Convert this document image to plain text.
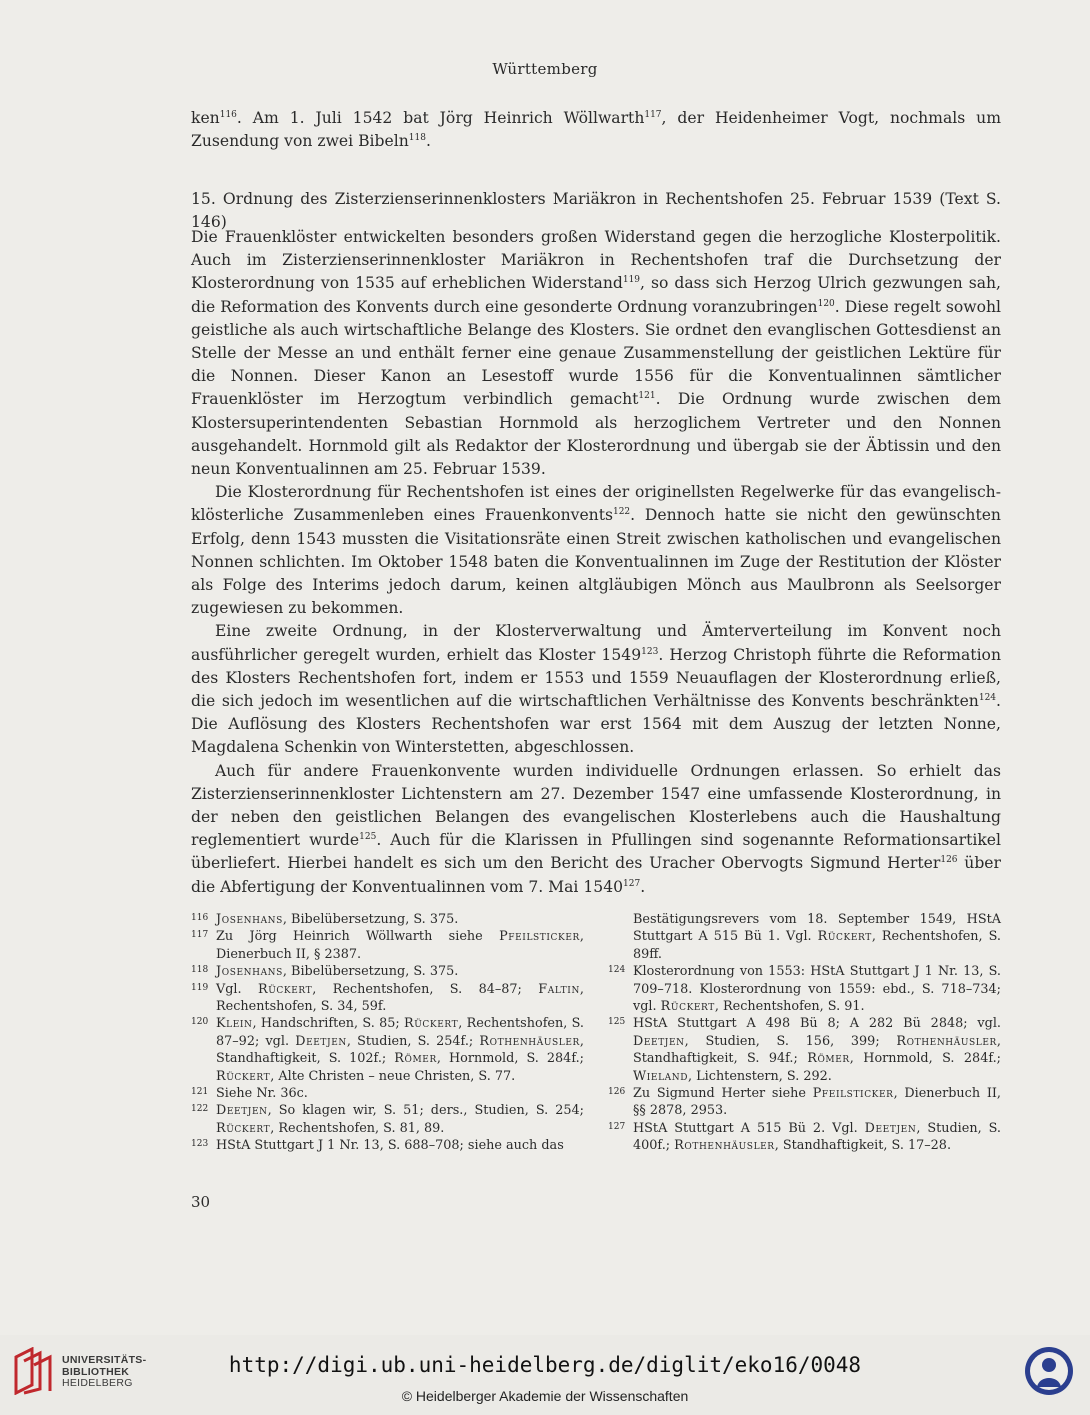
Württemberg

ken$^{116}$. Am 1. Juli 1542 bat Jörg Heinrich Wöllwarth$^{117}$, der Heidenheimer Vogt, nochmals um Zusendung von zwei Bibeln$^{118}$.

15. Ordnung des Zisterzienserinnenklosters Mariäkron in Rechentshofen 25. Februar 1539 (Text S. 146)

Die Frauenklöster entwickelten besonders großen Widerstand gegen die herzogliche Klosterpolitik. Auch im Zisterzienserinnenkloster Mariäkron in Rechentshofen traf die Durchsetzung der Klosterordnung von 1535 auf erheblichen Widerstand$^{119}$, so dass sich Herzog Ulrich gezwungen sah, die Reformation des Konvents durch eine gesonderte Ordnung voranzubringen$^{120}$. Diese regelt sowohl geistliche als auch wirtschaftliche Belange des Klosters. Sie ordnet den evanglischen Gottesdienst an Stelle der Messe an und enthält ferner eine genaue Zusammenstellung der geistlichen Lektüre für die Nonnen. Dieser Kanon an Lesestoff wurde 1556 für die Konventualinnen sämtlicher Frauenklöster im Herzogtum verbindlich gemacht$^{121}$. Die Ordnung wurde zwischen dem Klostersuperintendenten Sebastian Hornmold als herzoglichem Vertreter und den Nonnen ausgehandelt. Hornmold gilt als Redaktor der Klosterordnung und übergab sie der Äbtissin und den neun Konventualinnen am 25. Februar 1539.

Die Klosterordnung für Rechentshofen ist eines der originellsten Regelwerke für das evangelisch-klösterliche Zusammenleben eines Frauenkonvents$^{122}$. Dennoch hatte sie nicht den gewünschten Erfolg, denn 1543 mussten die Visitationsräte einen Streit zwischen katholischen und evangelischen Nonnen schlichten. Im Oktober 1548 baten die Konventualinnen im Zuge der Restitution der Klöster als Folge des Interims jedoch darum, keinen altgläubigen Mönch aus Maulbronn als Seelsorger zugewiesen zu bekommen.

Eine zweite Ordnung, in der Klosterverwaltung und Ämterverteilung im Konvent noch ausführlicher geregelt wurden, erhielt das Kloster 1549$^{123}$. Herzog Christoph führte die Reformation des Klosters Rechentshofen fort, indem er 1553 und 1559 Neuauflagen der Klosterordnung erließ, die sich jedoch im wesentlichen auf die wirtschaftlichen Verhältnisse des Konvents beschränkten$^{124}$. Die Auflösung des Klosters Rechentshofen war erst 1564 mit dem Auszug der letzten Nonne, Magdalena Schenkin von Winterstetten, abgeschlossen.

Auch für andere Frauenkonvente wurden individuelle Ordnungen erlassen. So erhielt das Zisterzienserinnenkloster Lichtenstern am 27. Dezember 1547 eine umfassende Klosterordnung, in der neben den geistlichen Belangen des evangelischen Klosterlebens auch die Haushaltung reglementiert wurde$^{125}$. Auch für die Klarissen in Pfullingen sind sogenannte Reformationsartikel überliefert. Hierbei handelt es sich um den Bericht des Uracher Obervogts Sigmund Herter$^{126}$ über die Abfertigung der Konventualinnen vom 7. Mai 1540$^{127}$.

116 Josenhans, Bibelübersetzung, S. 375.

117 Zu Jörg Heinrich Wöllwarth siehe Pfeilsticker, Dienerbuch II, § 2387.

118 Josenhans, Bibelübersetzung, S. 375.

119 Vgl. Rückert, Rechentshofen, S. 84–87; Faltin, Rechentshofen, S. 34, 59f.

120 Klein, Handschriften, S. 85; Rückert, Rechentshofen, S. 87–92; vgl. Deetjen, Studien, S. 254f.; Rothenhäusler, Standhaftigkeit, S. 102f.; Römer, Hornmold, S. 284f.; Rückert, Alte Christen – neue Christen, S. 77.

121 Siehe Nr. 36c.

122 Deetjen, So klagen wir, S. 51; ders., Studien, S. 254; Rückert, Rechentshofen, S. 81, 89.

123 HStA Stuttgart J 1 Nr. 13, S. 688–708; siehe auch das

Bestätigungsrevers vom 18. September 1549, HStA Stuttgart A 515 Bü 1. Vgl. Rückert, Rechentshofen, S. 89ff.

124 Klosterordnung von 1553: HStA Stuttgart J 1 Nr. 13, S. 709–718. Klosterordnung von 1559: ebd., S. 718–734; vgl. Rückert, Rechentshofen, S. 91.

125 HStA Stuttgart A 498 Bü 8; A 282 Bü 2848; vgl. Deetjen, Studien, S. 156, 399; Rothenhäusler, Standhaftigkeit, S. 94f.; Römer, Hornmold, S. 284f.; Wieland, Lichtenstern, S. 292.

126 Zu Sigmund Herter siehe Pfeilsticker, Dienerbuch II, §§ 2878, 2953.

127 HStA Stuttgart A 515 Bü 2. Vgl. Deetjen, Studien, S. 400f.; Rothenhäusler, Standhaftigkeit, S. 17–28.

30
UNIVERSITÄTS-
BIBLIOTHEK
HEIDELBERG
http://digi.ub.uni-heidelberg.de/diglit/eko16/0048
© Heidelberger Akademie der Wissenschaften
